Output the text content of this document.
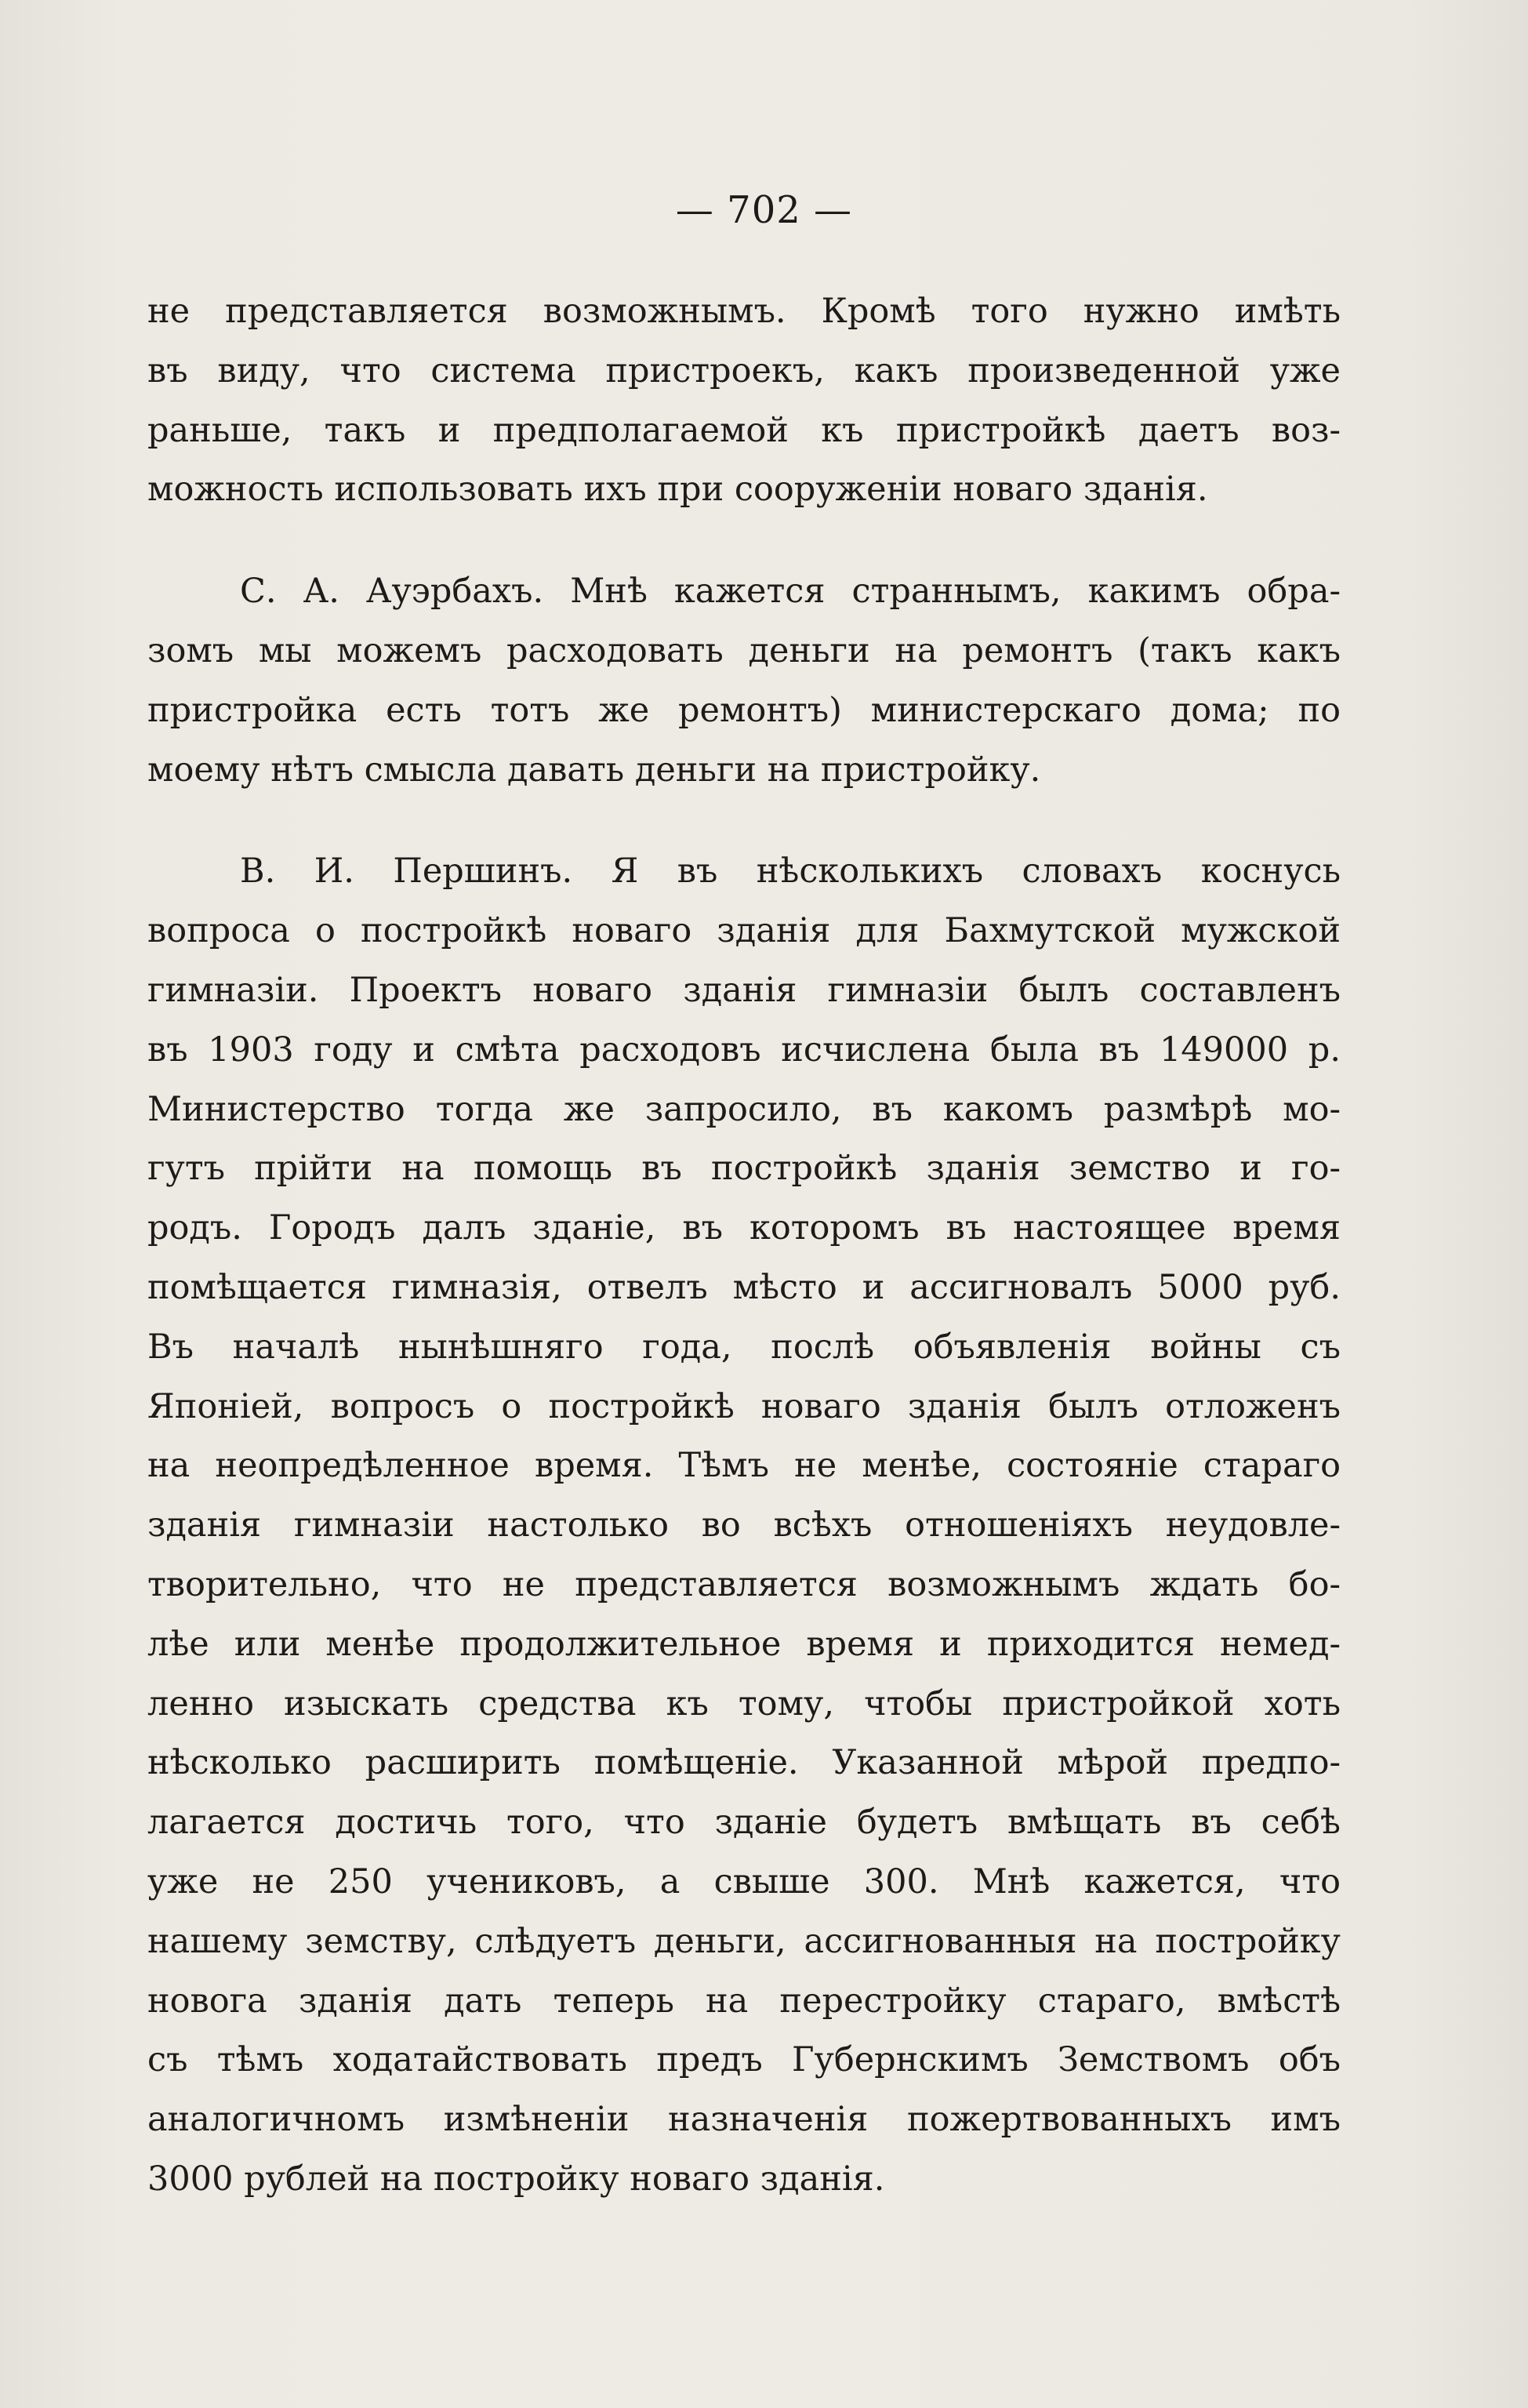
— 702 —

не представляется возможнымъ. Кромѣ того нужно имѣть
въ виду, что система пристроекъ, какъ произведенной уже
раньше, такъ и предполагаемой къ пристройкѣ даетъ воз-
можность использовать ихъ при сооруженіи новаго зданія.

С. А. Ауэрбахъ. Мнѣ кажется страннымъ, какимъ обра-
зомъ мы можемъ расходовать деньги на ремонтъ (такъ какъ
пристройка есть тотъ же ремонтъ) министерскаго дома; по
моему нѣтъ смысла давать деньги на пристройку.

В. И. Першинъ. Я въ нѣсколькихъ словахъ коснусь
вопроса о постройкѣ новаго зданія для Бахмутской мужской
гимназіи. Проектъ новаго зданія гимназіи былъ составленъ
въ 1903 году и смѣта расходовъ исчислена была въ 149000 р.
Министерство тогда же запросило, въ какомъ размѣрѣ мо-
гутъ прійти на помощь въ постройкѣ зданія земство и го-
родъ. Городъ далъ зданіе, въ которомъ въ настоящее время
помѣщается гимназія, отвелъ мѣсто и ассигновалъ 5000 руб.
Въ началѣ нынѣшняго года, послѣ объявленія войны съ
Японіей, вопросъ о постройкѣ новаго зданія былъ отложенъ
на неопредѣленное время. Тѣмъ не менѣе, состояніе стараго
зданія гимназіи настолько во всѣхъ отношеніяхъ неудовле-
творительно, что не представляется возможнымъ ждать бо-
лѣе или менѣе продолжительное время и приходится немед-
ленно изыскать средства къ тому, чтобы пристройкой хоть
нѣсколько расширить помѣщеніе. Указанной мѣрой предпо-
лагается достичь того, что зданіе будетъ вмѣщать въ себѣ
уже не 250 учениковъ, а свыше 300. Мнѣ кажется, что
нашему земству, слѣдуетъ деньги, ассигнованныя на постройку
новога зданія дать теперь на перестройку стараго, вмѣстѣ
съ тѣмъ ходатайствовать предъ Губернскимъ Земствомъ объ
аналогичномъ измѣненіи назначенія пожертвованныхъ имъ
3000 рублей на постройку новаго зданія.
